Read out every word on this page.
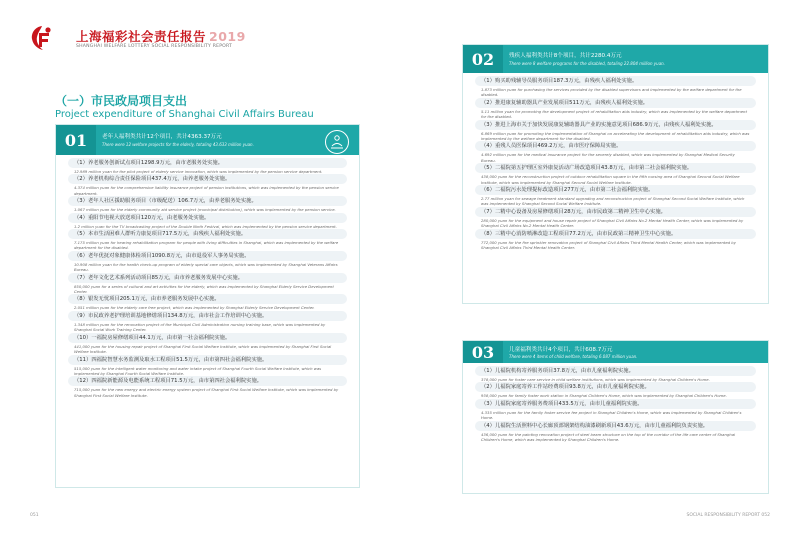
上海福彩社会责任报告 2019
SHANGHAI WELFARE LOTTERY SOCIAL RESPONSIBILITY REPORT
（一）市民政局项目支出
Project expenditure of Shanghai Civil Affairs Bureau
01	老年人福利类共计12个项目，共计4363.37万元
There were 12 welfare projects for the elderly, totaling 43.633 million yuan.
（1）养老服务创新试点项目1298.9万元，由市老服务处实施。
12.989 million yuan for the pilot project of elderly service innovation, which was implemented by the pension service department.
（2）养老机构综合责任保险项目437.4万元，由养老服务处实施。
4.374 million yuan for the comprehensive liability insurance project of pension institutions, which was implemented by the pension service department.
（3）老年人社区援助服务项目（市级配送）106.7万元，由养老服务处实施。
1.067 million yuan for the elderly community aid service project (municipal distribution), which was implemented by the pension service.
（4）重阳节电视大放送项目120万元，由老服务处实施。
1.2 million yuan for the TV broadcasting project of the Double Ninth Festival, which was implemented by the pension service department.
（5）本市生活困难人群听力康复项目717.5万元，由残疾人福利处实施。
7.175 million yuan for hearing rehabilitation program for people with living difficulties in Shanghai, which was implemented by the welfare department for the disabled.
（6）老年优抚对象健康体检项目1090.8万元，由市退役军人事务局实施。
10.908 million yuan for the health check-up program of elderly special care objects, which was implemented by Shanghai Veterans Affairs Bureau.
（7）老年文化艺术系列活动项目85万元，由市养老服务发展中心实施。
850,000 yuan for a series of cultural and art activities for the elderly, which was implemented by Shanghai Elderly Service Development Center.
（8）银发无忧项目205.1万元，由市养老服务发展中心实施。
2.051 million yuan for the elderly care free project, which was implemented by Shanghai Elderly Service Development Center.
（9）市民政养老护理培训基地修缮项目134.8万元，由市社会工作培训中心实施。
1.348 million yuan for the renovation project of the Municipal Civil Administration nursing training base, which was implemented by Shanghai Social Work Training Center.
（10）一福院房屋修缮项目44.1万元，由市第一社会福利院实施。
441,000 yuan for the housing repair project of Shanghai First Social Welfare Institute, which was implemented by Shanghai First Social Welfare Institute.
（11）四福院智慧水务监测及取水工程项目51.5万元，由市第四社会福利院实施。
515,000 yuan for the intelligent water monitoring and water intake project of Shanghai Fourth Social Welfare Institute, which was implemented by Shanghai Fourth Social Welfare Institute.
（12）四福院新能源及电能系统工程项目71.5万元，由市第四社会福利院实施。
715,000 yuan for the new energy and electric energy system project of Shanghai First Social Welfare Institute, which was implemented by Shanghai First Social Welfare Institute.
051
02	残疾人福利类共计8个项目，共计2280.4万元
There were 8 welfare programs for the disabled, totaling 22.804 million yuan.
（1）购买助残辅导员服务项目187.3万元，由残疾人福利处实施。
1.873 million yuan for purchasing the services provided by the disabled supervisors and implemented by the welfare department for the disabled.
（2）推进康复辅助器具产业发展项目511万元，由残疾人福利处实施。
5.11 million yuan for promoting the development project of rehabilitation aids industry, which was implemented by the welfare department for the disabled.
（3）推进上海市关于加快发展康复辅助器具产业的实施意见项目686.9万元，由残疾人福利处实施。
6.869 million yuan for promoting the implementation of Shanghai on accelerating the development of rehabilitation aids industry, which was implemented by the welfare department for the disabled.
（4）重残人员医保项目469.2万元，由市医疗保障局实施。
4.692 million yuan for the medical insurance project for the severely disabled, which was implemented by Shanghai Medical Security Bureau.
（5）二福院第五护理区室外康复活动广场改造项目43.8万元，由市第二社会福利院实施。
438,000 yuan for the reconstruction project of outdoor rehabilitation square in the fifth nursing area of Shanghai Second Social Welfare Institute, which was implemented by Shanghai Second Social Welfare Institute.
（6）二福院污水处理提标改造项目277万元，由市第二社会福利院实施。
2.77 million yuan for sewage treatment standard upgrading and reconstruction project of Shanghai Second Social Welfare Institute, which was implemented by Shanghai Second Social Welfare Institute.
（7）二精中心设备及房屋修缮项目28万元，由市民政第二精神卫生中心实施。
280,000 yuan for the equipment and house repair project of Shanghai Civil Affairs No.2 Mental Health Center, which was implemented by Shanghai Civil Affairs No.2 Mental Health Center.
（8）三精中心消防喷淋改造工程项目77.2万元，由市民政第三精神卫生中心实施。
772,000 yuan for the fire sprinkler renovation project of Shanghai Civil Affairs Third Mental Health Center, which was implemented by Shanghai Civil Affairs Third Mental Health Center.
03	儿童福利类共计4个项目，共计608.7万元
There were 4 items of child welfare, totaling 6.087 million yuan.
（1）儿福院机构寄养服务项目37.8万元，由市儿童福利院实施。
378,000 yuan for foster care service in child welfare institutions, which was implemented by Shanghai Children's Home.
（2）儿福院家庭寄养工作站经费项目93.8万元，由市儿童福利院实施。
938,000 yuan for family foster work station in Shanghai Children's Home, which was implemented by Shanghai Children's Home.
（3）儿福院家庭寄养服务费项目433.5万元，由市儿童福利院实施。
4.335 million yuan for the family foster service fee project in Shanghai Children's Home, which was implemented by Shanghai Children's Home.
（4）儿福院生活照料中心长廊顶部钢架结构油漆刷新项目43.6万元，由市儿童福利院负责实施。
436,000 yuan for the painting renovation project of steel beam structure on the top of the corridor of the life care center of Shanghai Children's Home, which was implemented by Shanghai Children's Home.
SOCIAL RESPONSIBILITY REPORT 052
